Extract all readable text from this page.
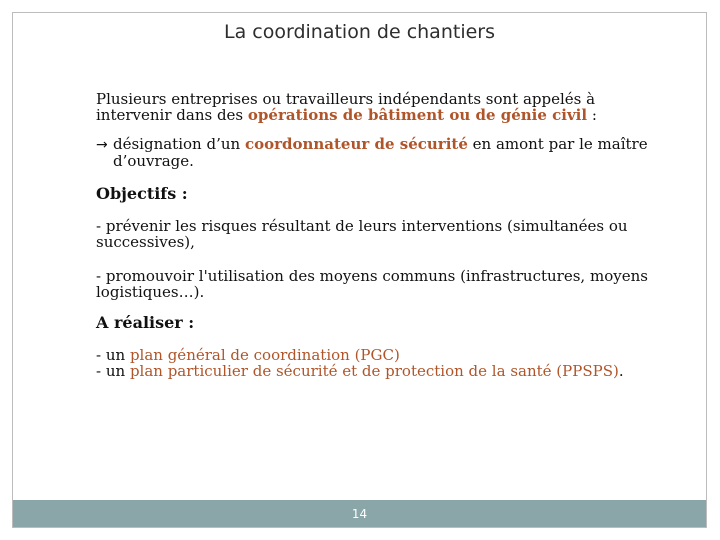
La coordination de chantiers

Plusieurs entreprises ou travailleurs indépendants sont appelés à intervenir dans des opérations de bâtiment ou de génie civil :

→ désignation d’un coordonnateur de sécurité en amont par le maître d’ouvrage.

Objectifs :

- prévenir les risques résultant de leurs interventions (simultanées ou successives),

- promouvoir l'utilisation des moyens communs (infrastructures, moyens logistiques…).

A réaliser :

- un plan général de coordination (PGC)

- un plan particulier de sécurité et de protection de la santé (PPSPS).

14
